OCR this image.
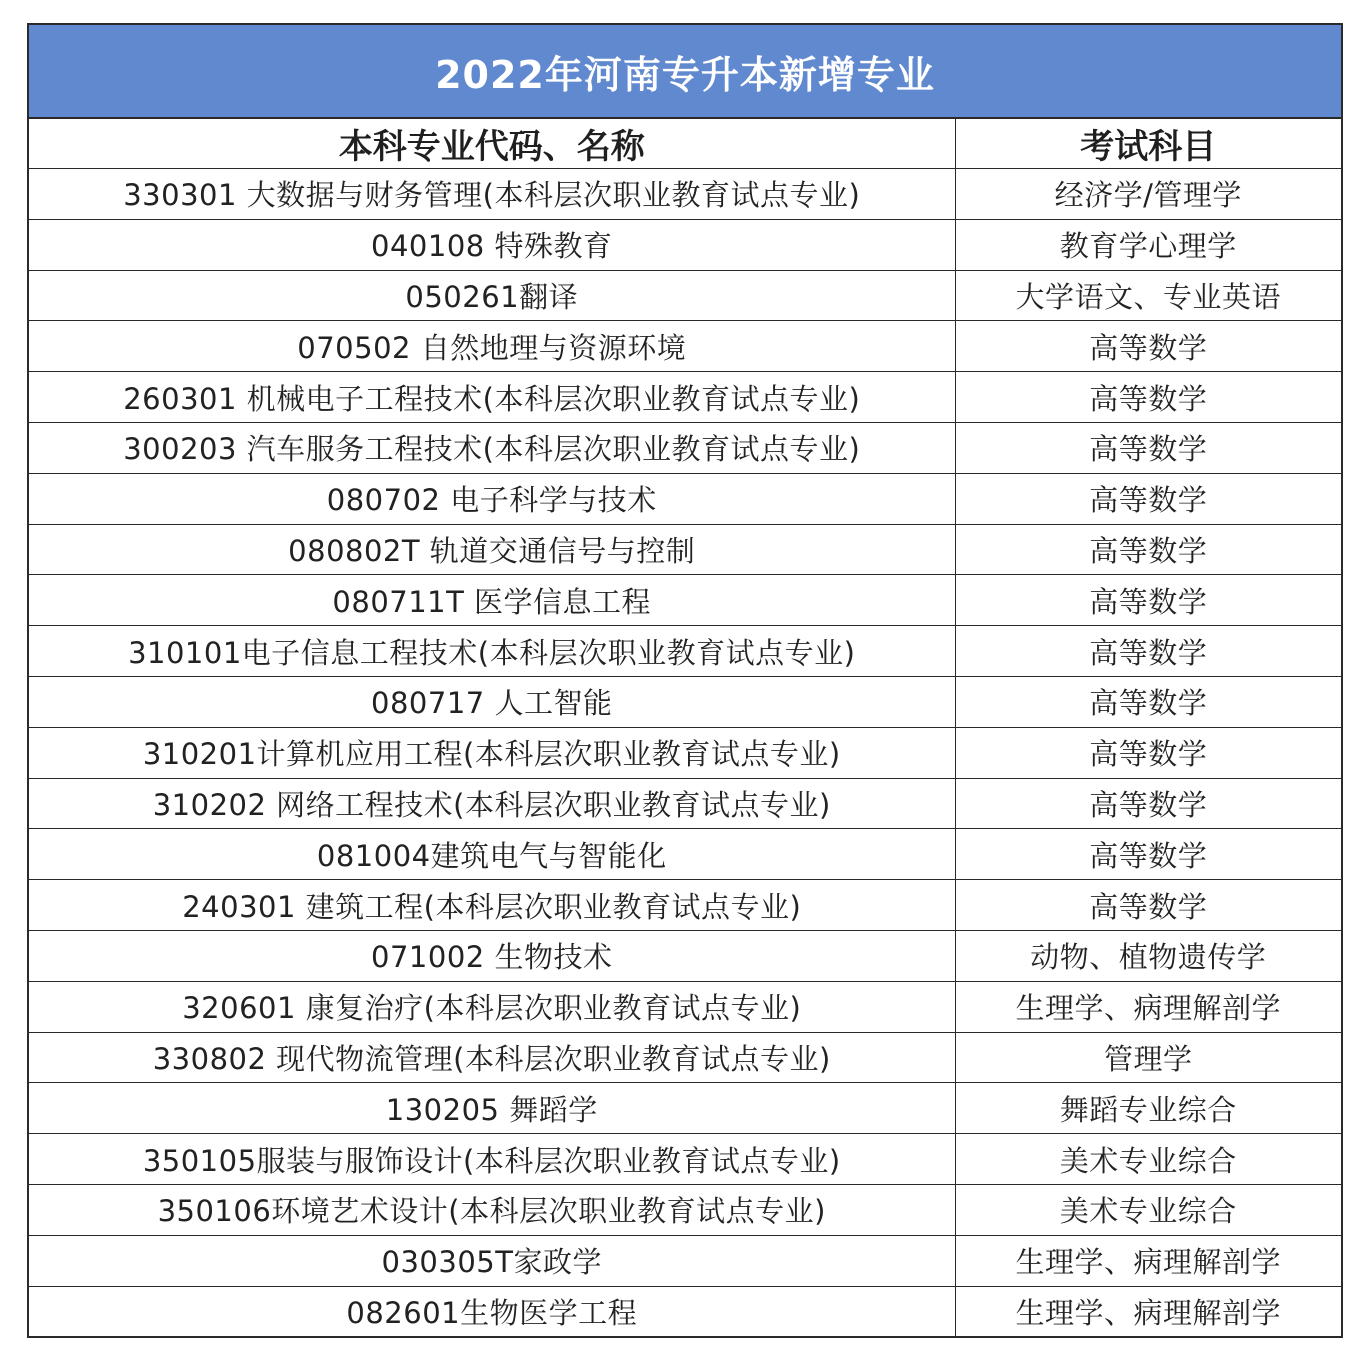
2022年河南专升本新增专业
本科专业代码、名称	考试科目
330301 大数据与财务管理(本科层次职业教育试点专业)	经济学/管理学
040108 特殊教育	教育学心理学
050261翻译	大学语文、专业英语
070502 自然地理与资源环境	高等数学
260301 机械电子工程技术(本科层次职业教育试点专业)	高等数学
300203 汽车服务工程技术(本科层次职业教育试点专业)	高等数学
080702 电子科学与技术	高等数学
080802T 轨道交通信号与控制	高等数学
080711T 医学信息工程	高等数学
310101电子信息工程技术(本科层次职业教育试点专业)	高等数学
080717 人工智能	高等数学
310201计算机应用工程(本科层次职业教育试点专业)	高等数学
310202 网络工程技术(本科层次职业教育试点专业)	高等数学
081004建筑电气与智能化	高等数学
240301 建筑工程(本科层次职业教育试点专业)	高等数学
071002 生物技术	动物、植物遗传学
320601 康复治疗(本科层次职业教育试点专业)	生理学、病理解剖学
330802 现代物流管理(本科层次职业教育试点专业)	管理学
130205 舞蹈学	舞蹈专业综合
350105服装与服饰设计(本科层次职业教育试点专业)	美术专业综合
350106环境艺术设计(本科层次职业教育试点专业)	美术专业综合
030305T家政学	生理学、病理解剖学
082601生物医学工程	生理学、病理解剖学
